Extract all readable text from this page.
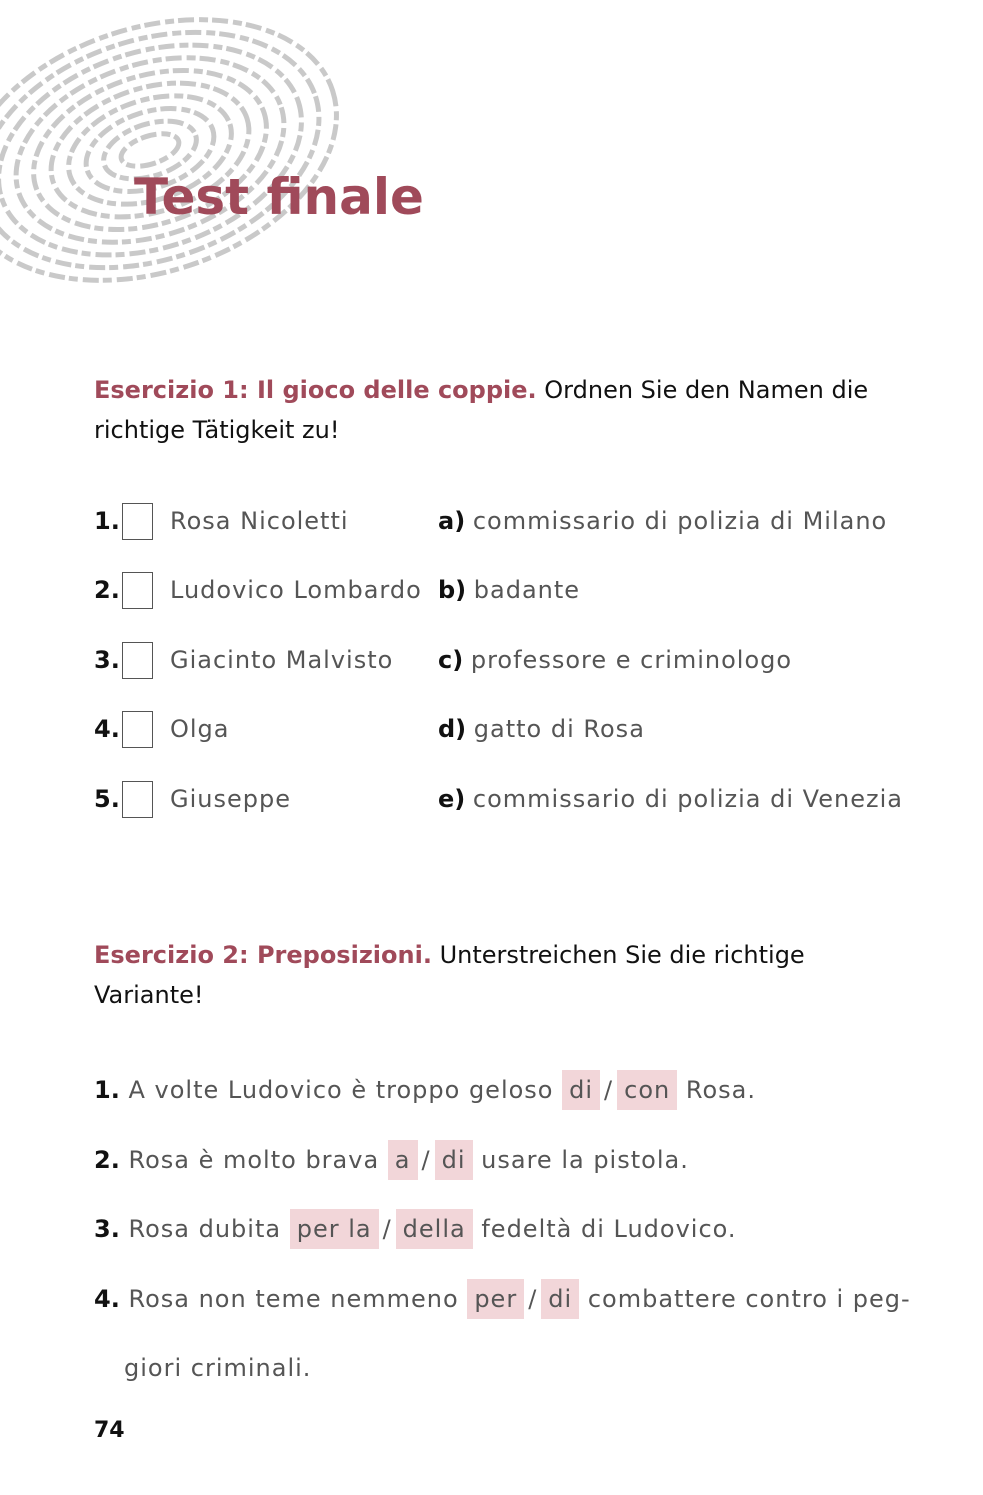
Test finale
Esercizio 1: Il gioco delle coppie. Ordnen Sie den Namen die
richtige Tätigkeit zu!
1. Rosa Nicoletti	a) commissario di polizia di Milano
2. Ludovico Lombardo b) badante
3. Giacinto Malvisto c) professore e criminologo
4. Olga	d) gatto di Rosa
5. Giuseppe	e) commissario di polizia di Venezia
Esercizio 2: Preposizioni. Unterstreichen Sie die richtige
Variante!
1. A volte Ludovico è troppo geloso di / con Rosa.
2. Rosa è molto brava a / di usare la pistola.
3. Rosa dubita per la / della fedeltà di Ludovico.
4. Rosa non teme nemmeno per / di combattere contro i peg-
giori criminali.
74
